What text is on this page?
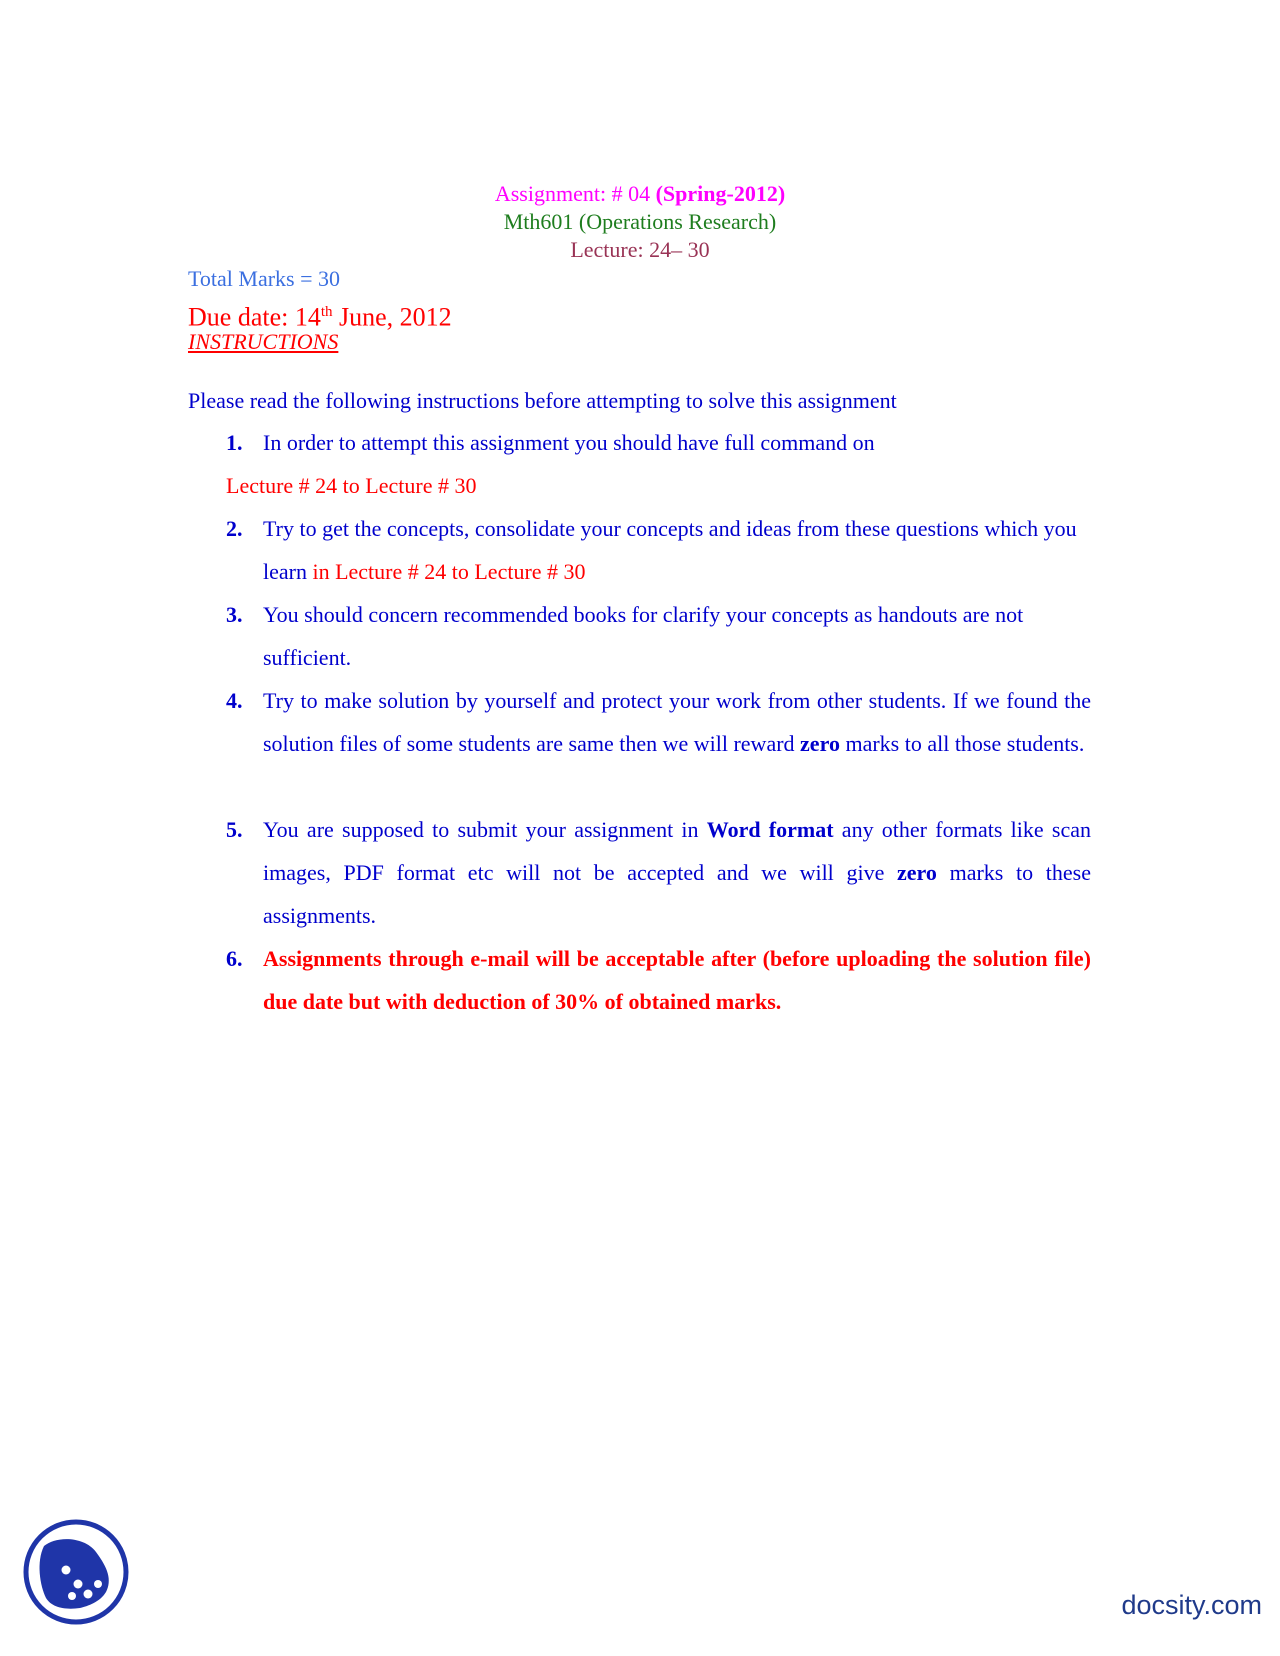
Assignment: # 04 (Spring-2012)
Mth601 (Operations Research)
Lecture: 24– 30
Total Marks = 30
Due date: 14th June, 2012
INSTRUCTIONS
Please read the following instructions before attempting to solve this assignment
1. In order to attempt this assignment you should have full command on
Lecture # 24 to Lecture # 30
2. Try to get the concepts, consolidate your concepts and ideas from these questions which you learn in Lecture # 24 to Lecture # 30
3. You should concern recommended books for clarify your concepts as handouts are not sufficient.
4. Try to make solution by yourself and protect your work from other students. If we found the solution files of some students are same then we will reward zero marks to all those students.
5. You are supposed to submit your assignment in Word format any other formats like scan images, PDF format etc will not be accepted and we will give zero marks to these assignments.
6. Assignments through e-mail will be acceptable after (before uploading the solution file) due date but with deduction of 30% of obtained marks.
docsity.com
